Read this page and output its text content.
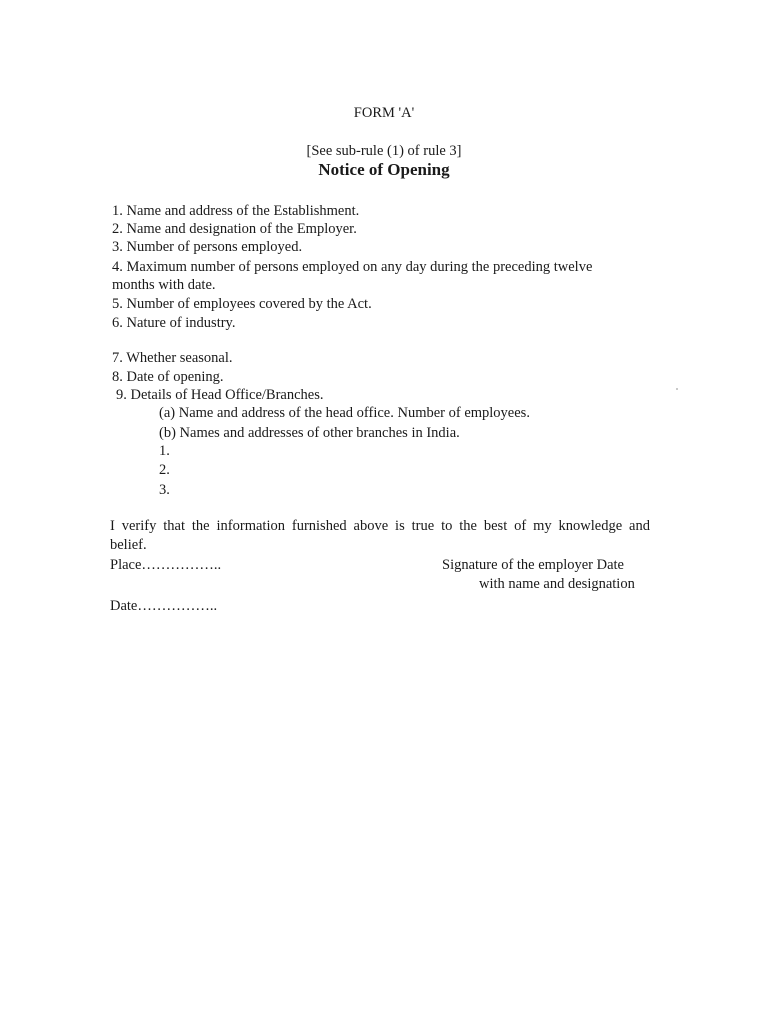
FORM 'A'
[See sub-rule (1) of rule 3]
Notice of Opening
1. Name and address of the Establishment.
2. Name and designation of the Employer.
3. Number of persons employed.
4. Maximum number of persons employed on any day during the preceding twelve
months with date.
5. Number of employees covered by the Act.
6. Nature of industry.
7. Whether seasonal.
8. Date of opening.
9. Details of Head Office/Branches.
(a) Name and address of the head office. Number of employees.
(b) Names and addresses of other branches in India.
1.
2.
3.
I verify that the information furnished above is true to the best of my knowledge and
belief.
Place……………..	Signature of the employer Date
with name and designation
Date……………..
